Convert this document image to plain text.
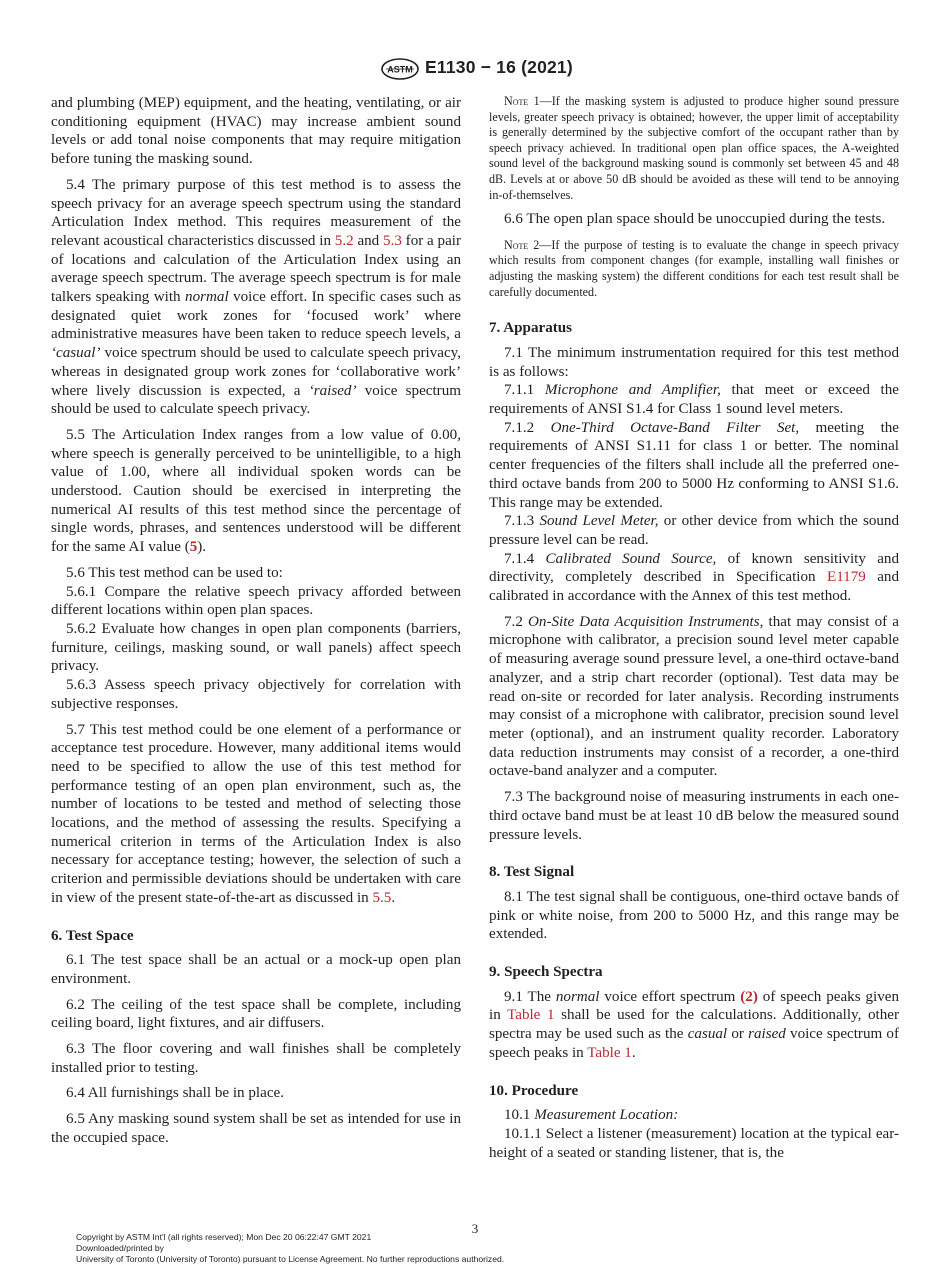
ASTM E1130 − 16 (2021)

and plumbing (MEP) equipment, and the heating, ventilating, or air conditioning equipment (HVAC) may increase ambient sound levels or add tonal noise components that may require mitigation before tuning the masking sound.

5.4 The primary purpose of this test method is to assess the speech privacy for an average speech spectrum using the standard Articulation Index method. This requires measurement of the relevant acoustical characteristics discussed in 5.2 and 5.3 for a pair of locations and calculation of the Articulation Index using an average speech spectrum. The average speech spectrum is for male talkers speaking with normal voice effort. In specific cases such as designated quiet work zones for ‘focused work’ where administrative measures have been taken to reduce speech levels, a ‘casual’ voice spectrum should be used to calculate speech privacy, whereas in designated group work zones for ‘collaborative work’ where lively discussion is expected, a ‘raised’ voice spectrum should be used to calculate speech privacy.

5.5 The Articulation Index ranges from a low value of 0.00, where speech is generally perceived to be unintelligible, to a high value of 1.00, where all individual spoken words can be understood. Caution should be exercised in interpreting the numerical AI results of this test method since the percentage of single words, phrases, and sentences understood will be different for the same AI value (5).

5.6 This test method can be used to:

5.6.1 Compare the relative speech privacy afforded between different locations within open plan spaces.

5.6.2 Evaluate how changes in open plan components (barriers, furniture, ceilings, masking sound, or wall panels) affect speech privacy.

5.6.3 Assess speech privacy objectively for correlation with subjective responses.

5.7 This test method could be one element of a performance or acceptance test procedure. However, many additional items would need to be specified to allow the use of this test method for performance testing of an open plan environment, such as, the number of locations to be tested and method of selecting those locations, and the method of assessing the results. Specifying a numerical criterion in terms of the Articulation Index is also necessary for acceptance testing; however, the selection of such a criterion and permissible deviations should be undertaken with care in view of the present state-of-the-art as discussed in 5.5.

6. Test Space

6.1 The test space shall be an actual or a mock-up open plan environment.

6.2 The ceiling of the test space shall be complete, including ceiling board, light fixtures, and air diffusers.

6.3 The floor covering and wall finishes shall be completely installed prior to testing.

6.4 All furnishings shall be in place.

6.5 Any masking sound system shall be set as intended for use in the occupied space.

Note 1—If the masking system is adjusted to produce higher sound pressure levels, greater speech privacy is obtained; however, the upper limit of acceptability is generally determined by the subjective comfort of the occupant rather than by speech privacy achieved. In traditional open plan office spaces, the A-weighted sound level of the background masking sound is commonly set between 45 and 48 dB. Levels at or above 50 dB should be avoided as these will tend to be annoying in-of-themselves.

6.6 The open plan space should be unoccupied during the tests.

Note 2—If the purpose of testing is to evaluate the change in speech privacy which results from component changes (for example, installing wall finishes or adjusting the masking system) the different conditions for each test result shall be carefully documented.

7. Apparatus

7.1 The minimum instrumentation required for this test method is as follows:

7.1.1 Microphone and Amplifier, that meet or exceed the requirements of ANSI S1.4 for Class 1 sound level meters.

7.1.2 One-Third Octave-Band Filter Set, meeting the requirements of ANSI S1.11 for class 1 or better. The nominal center frequencies of the filters shall include all the preferred one-third octave bands from 200 to 5000 Hz conforming to ANSI S1.6. This range may be extended.

7.1.3 Sound Level Meter, or other device from which the sound pressure level can be read.

7.1.4 Calibrated Sound Source, of known sensitivity and directivity, completely described in Specification E1179 and calibrated in accordance with the Annex of this test method.

7.2 On-Site Data Acquisition Instruments, that may consist of a microphone with calibrator, a precision sound level meter capable of measuring average sound pressure level, a one-third octave-band analyzer, and a strip chart recorder (optional). Test data may be read on-site or recorded for later analysis. Recording instruments may consist of a microphone with calibrator, precision sound level meter (optional), and an instrument quality recorder. Laboratory data reduction instruments may consist of a recorder, a one-third octave-band analyzer and a computer.

7.3 The background noise of measuring instruments in each one-third octave band must be at least 10 dB below the measured sound pressure levels.

8. Test Signal

8.1 The test signal shall be contiguous, one-third octave bands of pink or white noise, from 200 to 5000 Hz, and this range may be extended.

9. Speech Spectra

9.1 The normal voice effort spectrum (2) of speech peaks given in Table 1 shall be used for the calculations. Additionally, other spectra may be used such as the casual or raised voice spectrum of speech peaks in Table 1.

10. Procedure

10.1 Measurement Location:

10.1.1 Select a listener (measurement) location at the typical ear-height of a seated or standing listener, that is, the

3
Copyright by ASTM Int'l (all rights reserved); Mon Dec 20 06:22:47 GMT 2021
Downloaded/printed by
University of Toronto (University of Toronto) pursuant to License Agreement. No further reproductions authorized.
